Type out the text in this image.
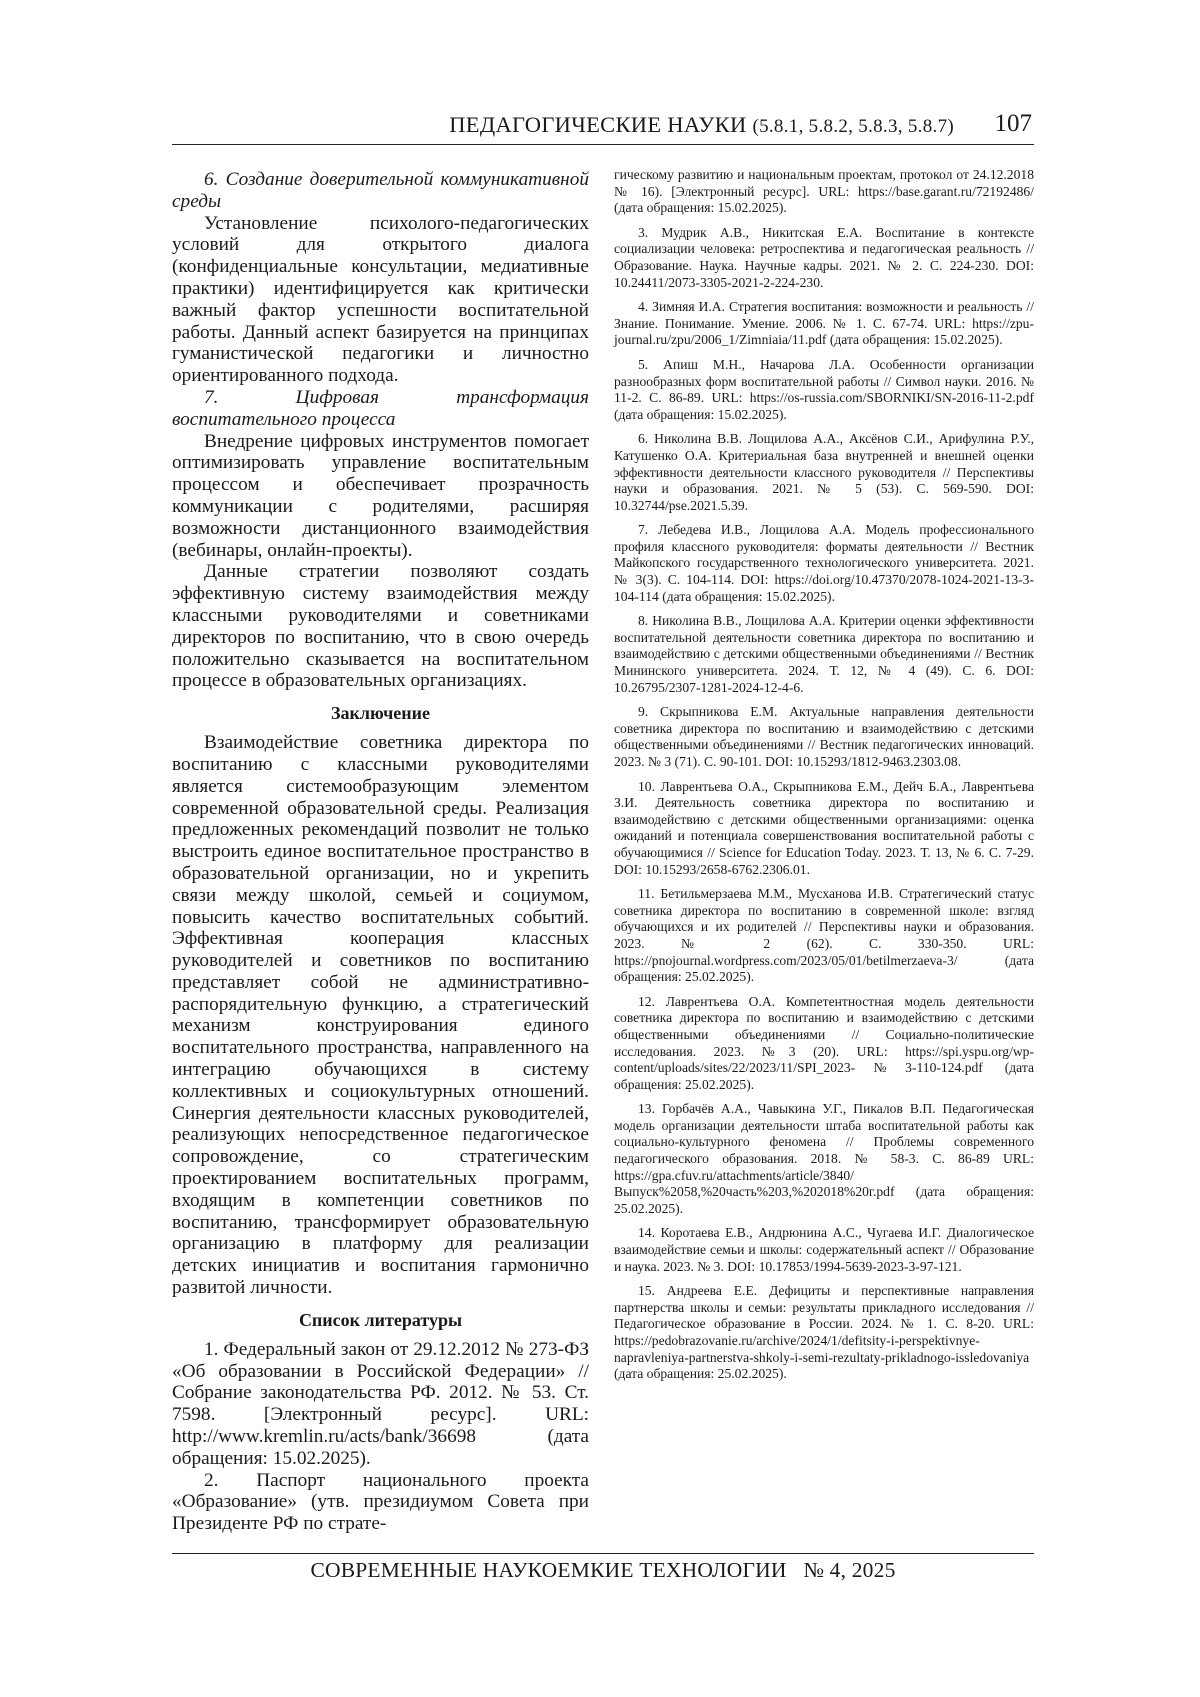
ПЕДАГОГИЧЕСКИЕ НАУКИ (5.8.1, 5.8.2, 5.8.3, 5.8.7) 107

6. Создание доверительной коммуникативной среды

Установление психолого-педагогических условий для открытого диалога (конфиденциальные консультации, медиативные практики) идентифицируется как критически важный фактор успешности воспитательной работы. Данный аспект базируется на принципах гуманистической педагогики и личностно ориентированного подхода.

7. Цифровая трансформация воспитательного процесса

Внедрение цифровых инструментов помогает оптимизировать управление воспитательным процессом и обеспечивает прозрачность коммуникации с родителями, расширяя возможности дистанционного взаимодействия (вебинары, онлайн-проекты).

Данные стратегии позволяют создать эффективную систему взаимодействия между классными руководителями и советниками директоров по воспитанию, что в свою очередь положительно сказывается на воспитательном процессе в образовательных организациях.

Заключение

Взаимодействие советника директора по воспитанию с классными руководителями является системообразующим элементом современной образовательной среды. Реализация предложенных рекомендаций позволит не только выстроить единое воспитательное пространство в образовательной организации, но и укрепить связи между школой, семьей и социумом, повысить качество воспитательных событий. Эффективная кооперация классных руководителей и советников по воспитанию представляет собой не административно-распорядительную функцию, а стратегический механизм конструирования единого воспитательного пространства, направленного на интеграцию обучающихся в систему коллективных и социокультурных отношений. Синергия деятельности классных руководителей, реализующих непосредственное педагогическое сопровождение, со стратегическим проектированием воспитательных программ, входящим в компетенции советников по воспитанию, трансформирует образовательную организацию в платформу для реализации детских инициатив и воспитания гармонично развитой личности.

Список литературы

1. Федеральный закон от 29.12.2012 № 273-ФЗ «Об образовании в Российской Федерации» // Собрание законодательства РФ. 2012. № 53. Ст. 7598. [Электронный ресурс]. URL: http://www.kremlin.ru/acts/bank/36698 (дата обращения: 15.02.2025).

2. Паспорт национального проекта «Образование» (утв. президиумом Совета при Президенте РФ по страте-

гическому развитию и национальным проектам, протокол от 24.12.2018 № 16). [Электронный ресурс]. URL: https://base.garant.ru/72192486/ (дата обращения: 15.02.2025).

3. Мудрик А.В., Никитская Е.А. Воспитание в контексте социализации человека: ретроспектива и педагогическая реальность // Образование. Наука. Научные кадры. 2021. № 2. С. 224-230. DOI: 10.24411/2073-3305-2021-2-224-230.

4. Зимняя И.А. Стратегия воспитания: возможности и реальность // Знание. Понимание. Умение. 2006. № 1. С. 67-74. URL: https://zpu-journal.ru/zpu/2006_1/Zimniaia/11.pdf (дата обращения: 15.02.2025).

5. Апиш М.Н., Начарова Л.А. Особенности организации разнообразных форм воспитательной работы // Символ науки. 2016. № 11-2. С. 86-89. URL: https://os-russia.com/SBORNIKI/SN-2016-11-2.pdf (дата обращения: 15.02.2025).

6. Николина В.В. Лощилова А.А., Аксёнов С.И., Арифулина Р.У., Катушенко О.А. Критериальная база внутренней и внешней оценки эффективности деятельности классного руководителя // Перспективы науки и образования. 2021. № 5 (53). С. 569-590. DOI: 10.32744/pse.2021.5.39.

7. Лебедева И.В., Лощилова А.А. Модель профессионального профиля классного руководителя: форматы деятельности // Вестник Майкопского государственного технологического университета. 2021. № 3(3). С. 104-114. DOI: https://doi.org/10.47370/2078-1024-2021-13-3-104-114 (дата обращения: 15.02.2025).

8. Николина В.В., Лощилова А.А. Критерии оценки эффективности воспитательной деятельности советника директора по воспитанию и взаимодействию с детскими общественными объединениями // Вестник Мининского университета. 2024. Т. 12, № 4 (49). С. 6. DOI: 10.26795/2307-1281-2024-12-4-6.

9. Скрыпникова Е.М. Актуальные направления деятельности советника директора по воспитанию и взаимодействию с детскими общественными объединениями // Вестник педагогических инноваций. 2023. № 3 (71). С. 90-101. DOI: 10.15293/1812-9463.2303.08.

10. Лаврентьева О.А., Скрыпникова Е.М., Дейч Б.А., Лаврентьева З.И. Деятельность советника директора по воспитанию и взаимодействию с детскими общественными организациями: оценка ожиданий и потенциала совершенствования воспитательной работы с обучающимися // Science for Education Today. 2023. Т. 13, № 6. С. 7-29. DOI: 10.15293/2658-6762.2306.01.

11. Бетильмерзаева М.М., Мусханова И.В. Стратегический статус советника директора по воспитанию в современной школе: взгляд обучающихся и их родителей // Перспективы науки и образования. 2023. № 2 (62). С. 330-350. URL: https://pnojournal.wordpress.com/2023/05/01/betilmerzaeva-3/ (дата обращения: 25.02.2025).

12. Лаврентьева О.А. Компетентностная модель деятельности советника директора по воспитанию и взаимодействию с детскими общественными объединениями // Социально-политические исследования. 2023. №3 (20). URL: https://spi.yspu.org/wp-content/uploads/sites/22/2023/11/SPI_2023-№3-110-124.pdf (дата обращения: 25.02.2025).

13. Горбачёв А.А., Чавыкина У.Г., Пикалов В.П. Педагогическая модель организации деятельности штаба воспитательной работы как социально-культурного феномена // Проблемы современного педагогического образования. 2018. № 58-3. С. 86-89 URL: https://gpa.cfuv.ru/attachments/article/3840/Выпуск%2058,%20часть%203,%202018%20г.pdf (дата обращения: 25.02.2025).

14. Коротаева Е.В., Андрюнина А.С., Чугаева И.Г. Диалогическое взаимодействие семьи и школы: содержательный аспект // Образование и наука. 2023. № 3. DOI: 10.17853/1994-5639-2023-3-97-121.

15. Андреева Е.Е. Дефициты и перспективные направления партнерства школы и семьи: результаты прикладного исследования // Педагогическое образование в России. 2024. № 1. С. 8-20. URL: https://pedobrazovanie.ru/archive/2024/1/defitsity-i-perspektivnye-napravleniya-partnerstva-shkoly-i-semi-rezultaty-prikladnogo-issledovaniya (дата обращения: 25.02.2025).

СОВРЕМЕННЫЕ НАУКОЕМКИЕ ТЕХНОЛОГИИ № 4, 2025
